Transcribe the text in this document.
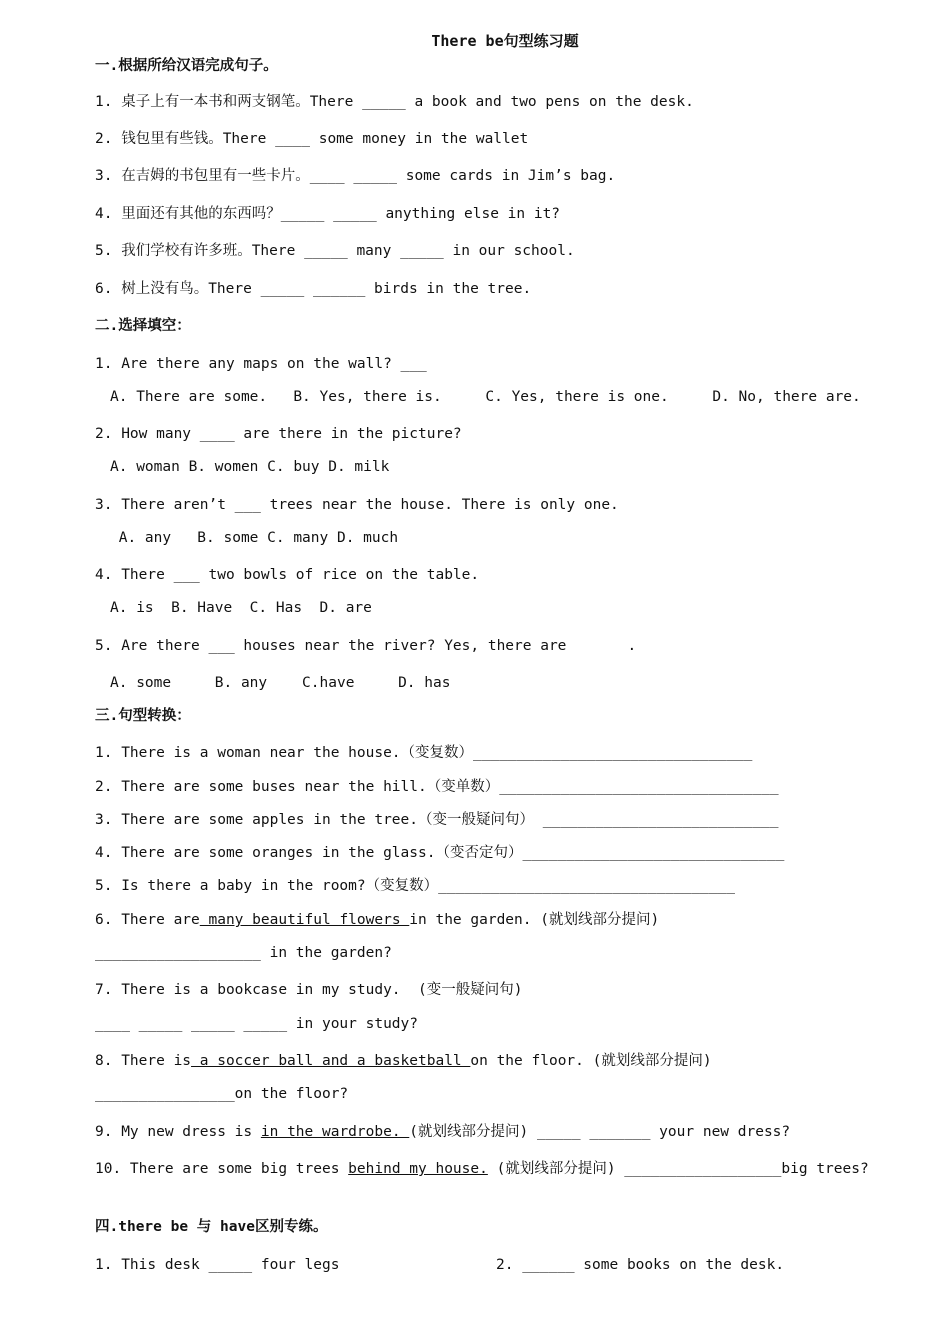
There be句型练习题
一.根据所给汉语完成句子。
1. 桌子上有一本书和两支钢笔。There _____ a book and two pens on the desk.
2. 钱包里有些钱。There ____ some money in the wallet
3. 在吉姆的书包里有一些卡片。____ _____ some cards in Jim’s bag.
4. 里面还有其他的东西吗？_____ _____ anything else in it?
5. 我们学校有许多班。There _____ many _____ in our school.
6. 树上没有鸟。There _____ ______ birds in the tree.
二.选择填空：
1. Are there any maps on the wall? ___
A. There are some.   B. Yes, there is.     C. Yes, there is one.     D. No, there are.
2. How many ____ are there in the picture?
A. woman B. women C. buy D. milk
3. There aren’t ___ trees near the house. There is only one.
A. any   B. some C. many D. much
4. There ___ two bowls of rice on the table.
A. is  B. Have  C. Has  D. are
5. Are there ___ houses near the river? Yes, there are       .
A. some     B. any    C.have     D. has
三.句型转换：
1. There is a woman near the house.（变复数）________________________________
2. There are some buses near the hill.（变单数）________________________________
3. There are some apples in the tree.（变一般疑问句） ___________________________
4. There are some oranges in the glass.（变否定句）______________________________
5. Is there a baby in the room?（变复数）__________________________________
6. There are many beautiful flowers in the garden. (就划线部分提问)
___________________ in the garden?
7. There is a bookcase in my study.  (变一般疑问句)
____ _____ _____ _____ in your study?
8. There is a soccer ball and a basketball on the floor. (就划线部分提问)
________________on the floor?
9. My new dress is in the wardrobe. (就划线部分提问) _____ _______ your new dress?
10. There are some big trees behind my house. (就划线部分提问) __________________big trees?
四.there be 与 have区别专练。
1. This desk _____ four legs	2. ______ some books on the desk.
